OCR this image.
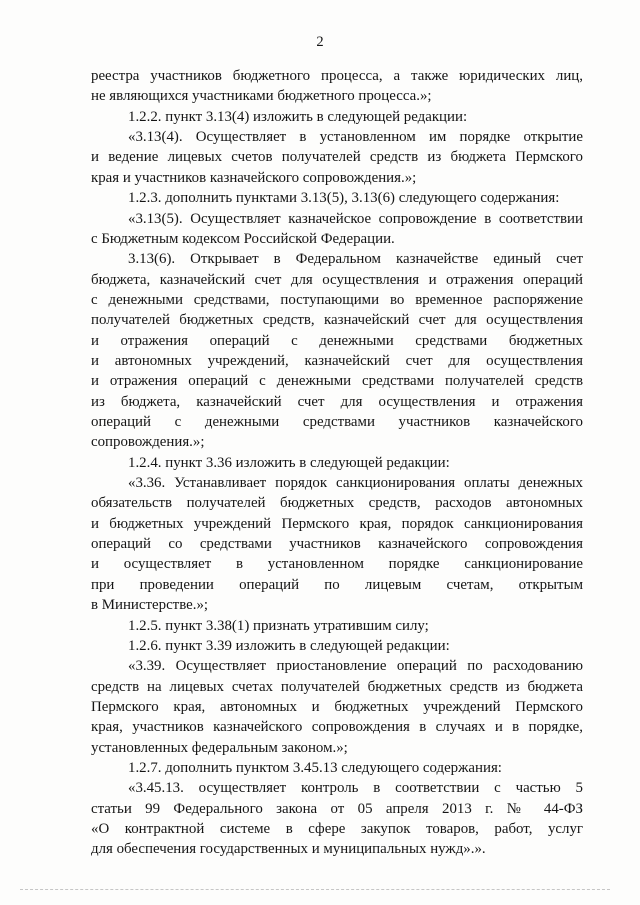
2
реестра участников бюджетного процесса, а также юридических лиц,
не являющихся участниками бюджетного процесса.»;
1.2.2. пункт 3.13(4) изложить в следующей редакции:
«3.13(4). Осуществляет в установленном им порядке открытие
и ведение лицевых счетов получателей средств из бюджета Пермского
края и участников казначейского сопровождения.»;
1.2.3. дополнить пунктами 3.13(5), 3.13(6) следующего содержания:
«3.13(5). Осуществляет казначейское сопровождение в соответствии
с Бюджетным кодексом Российской Федерации.
3.13(6). Открывает в Федеральном казначействе единый счет
бюджета, казначейский счет для осуществления и отражения операций
с денежными средствами, поступающими во временное распоряжение
получателей бюджетных средств, казначейский счет для осуществления
и отражения операций с денежными средствами бюджетных
и автономных учреждений, казначейский счет для осуществления
и отражения операций с денежными средствами получателей средств
из бюджета, казначейский счет для осуществления и отражения
операций с денежными средствами участников казначейского
сопровождения.»;
1.2.4. пункт 3.36 изложить в следующей редакции:
«3.36. Устанавливает порядок санкционирования оплаты денежных
обязательств получателей бюджетных средств, расходов автономных
и бюджетных учреждений Пермского края, порядок санкционирования
операций со средствами участников казначейского сопровождения
и осуществляет в установленном порядке санкционирование
при проведении операций по лицевым счетам, открытым
в Министерстве.»;
1.2.5. пункт 3.38(1) признать утратившим силу;
1.2.6. пункт 3.39 изложить в следующей редакции:
«3.39. Осуществляет приостановление операций по расходованию
средств на лицевых счетах получателей бюджетных средств из бюджета
Пермского края, автономных и бюджетных учреждений Пермского
края, участников казначейского сопровождения в случаях и в порядке,
установленных федеральным законом.»;
1.2.7. дополнить пунктом 3.45.13 следующего содержания:
«3.45.13. осуществляет контроль в соответствии с частью 5
статьи 99 Федерального закона от 05 апреля 2013 г. № 44-ФЗ
«О контрактной системе в сфере закупок товаров, работ, услуг
для обеспечения государственных и муниципальных нужд».».
